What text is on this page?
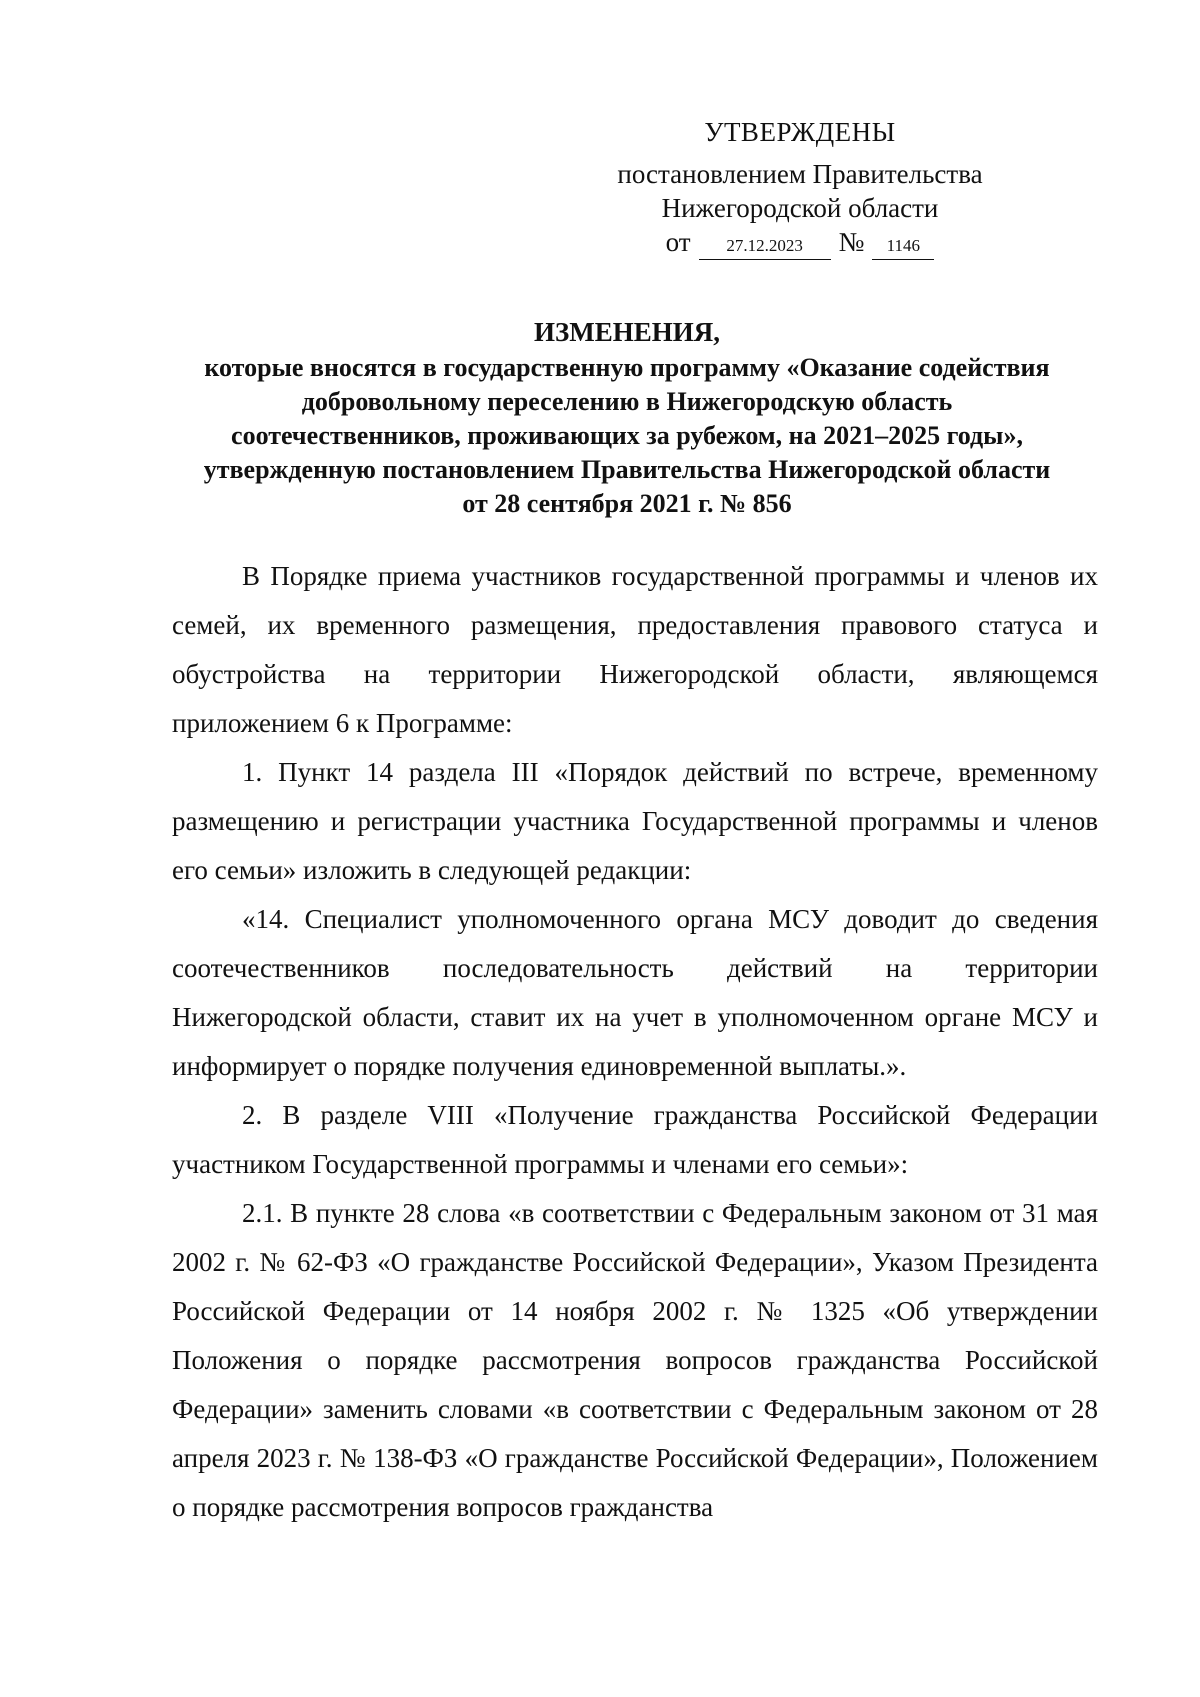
УТВЕРЖДЕНЫ
постановлением Правительства
Нижегородской области
от 27.12.2023 № 1146
ИЗМЕНЕНИЯ,
которые вносятся в государственную программу «Оказание содействия
добровольному переселению в Нижегородскую область
соотечественников, проживающих за рубежом, на 2021–2025 годы»,
утвержденную постановлением Правительства Нижегородской области
от 28 сентября 2021 г. № 856

В Порядке приема участников государственной программы и членов их семей, их временного размещения, предоставления правового статуса и обустройства на территории Нижегородской области, являющемся приложением 6 к Программе:

1. Пункт 14 раздела III «Порядок действий по встрече, временному размещению и регистрации участника Государственной программы и членов его семьи» изложить в следующей редакции:

«14. Специалист уполномоченного органа МСУ доводит до сведения соотечественников последовательность действий на территории Нижегородской области, ставит их на учет в уполномоченном органе МСУ и информирует о порядке получения единовременной выплаты.».

2. В разделе VIII «Получение гражданства Российской Федерации участником Государственной программы и членами его семьи»:

2.1. В пункте 28 слова «в соответствии с Федеральным законом от 31 мая 2002 г. № 62-ФЗ «О гражданстве Российской Федерации», Указом Президента Российской Федерации от 14 ноября 2002 г. № 1325 «Об утверждении Положения о порядке рассмотрения вопросов гражданства Российской Федерации» заменить словами «в соответствии с Федеральным законом от 28 апреля 2023 г. № 138-ФЗ «О гражданстве Российской Федерации», Положением о порядке рассмотрения вопросов гражданства
